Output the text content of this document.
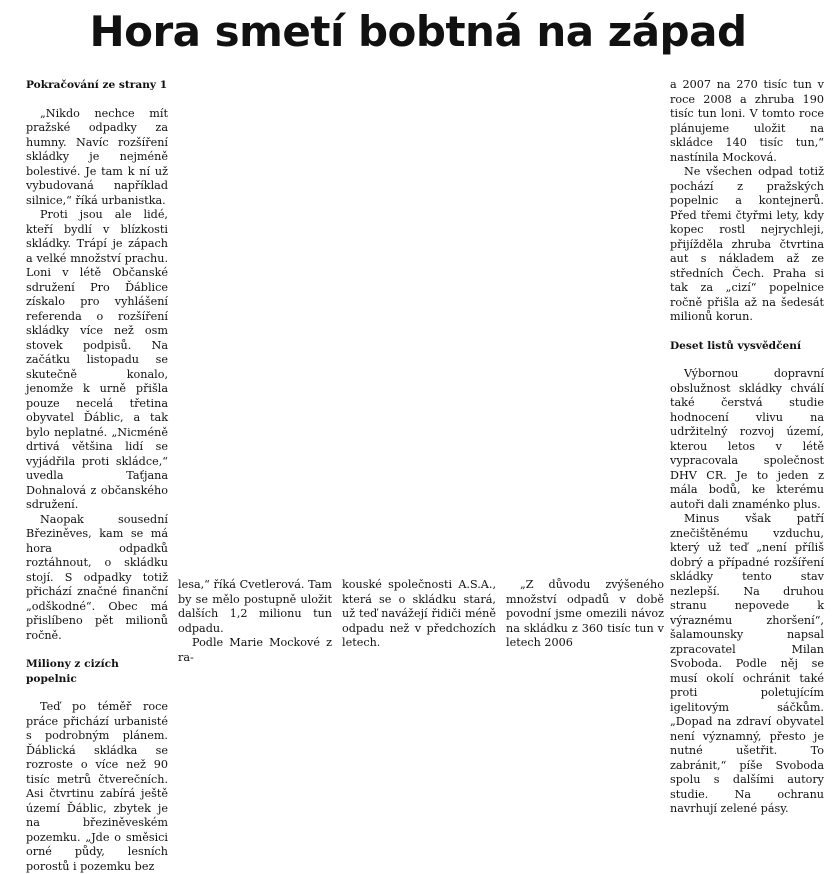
Hora smetí bobtná na západ

Pokračování ze strany 1

„Nikdo nechce mít pražské odpadky za humny. Navíc rozšíření skládky je nejméně bolestivé. Je tam k ní už vybudovaná například silnice,“ říká urbanistka.

Proti jsou ale lidé, kteří bydlí v blízkosti skládky. Trápí je zápach a velké množství prachu. Loni v létě Občanské sdružení Pro Ďáblice získalo pro vyhlášení referenda o rozšíření skládky více než osm stovek podpisů. Na začátku listopadu se skutečně konalo, jenomže k urně přišla pouze necelá třetina obyvatel Ďáblic, a tak bylo neplatné. „Nicméně drtivá většina lidí se vyjádřila proti skládce,“ uvedla Taťjana Dohnalová z občanského sdružení.

Naopak sousední Březiněves, kam se má hora odpadků roztáhnout, o skládku stojí. S odpadky totiž přichází značné finanční „odškodné“. Obec má přislíbeno pět milionů ročně.

Miliony z cizích popelnic

Teď po téměř roce práce přichází urbanisté s podrobným plánem. Ďáblická skládka se rozroste o více než 90 tisíc metrů čtverečních. Asi čtvrtinu zabírá ještě území Ďáblic, zbytek je na březiněveském pozemku. „Jde o směsici orné půdy, lesních porostů i pozemku bez

lesa,“ říká Cvetlerová. Tam by se mělo postupně uložit dalších 1,2 milionu tun odpadu.

Podle Marie Mockové z ra-

kouské společnosti A.S.A., která se o skládku stará, už teď navážejí řidiči méně odpadu než v předchozích letech.

„Z důvodu zvýšeného množství odpadů v době povodní jsme omezili návoz na skládku z 360 tisíc tun v letech 2006

a 2007 na 270 tisíc tun v roce 2008 a zhruba 190 tisíc tun loni. V tomto roce plánujeme uložit na skládce 140 tisíc tun,“ nastínila Mocková.

Ne všechen odpad totiž pochází z pražských popelnic a kontejnerů. Před třemi čtyřmi lety, kdy kopec rostl nejrychleji, přijížděla zhruba čtvrtina aut s nákladem až ze středních Čech. Praha si tak za „cizí“ popelnice ročně přišla až na šedesát milionů korun.

Deset listů vysvědčení

Výbornou dopravní obslužnost skládky chválí také čerstvá studie hodnocení vlivu na udržitelný rozvoj území, kterou letos v létě vypracovala společnost DHV CR. Je to jeden z mála bodů, ke kterému autoři dali znaménko plus.

Minus však patří znečištěnému vzduchu, který už teď „není příliš dobrý a případné rozšíření skládky tento stav nezlepší. Na druhou stranu nepovede k výraznému zhoršení“, šalamounsky napsal zpracovatel Milan Svoboda. Podle něj se musí okolí ochránit také proti poletujícím igelitovým sáčkům. „Dopad na zdraví obyvatel není významný, přesto je nutné ušetřit. To zabránit,“ píše Svoboda spolu s dalšími autory studie. Na ochranu navrhují zelené pásy.
